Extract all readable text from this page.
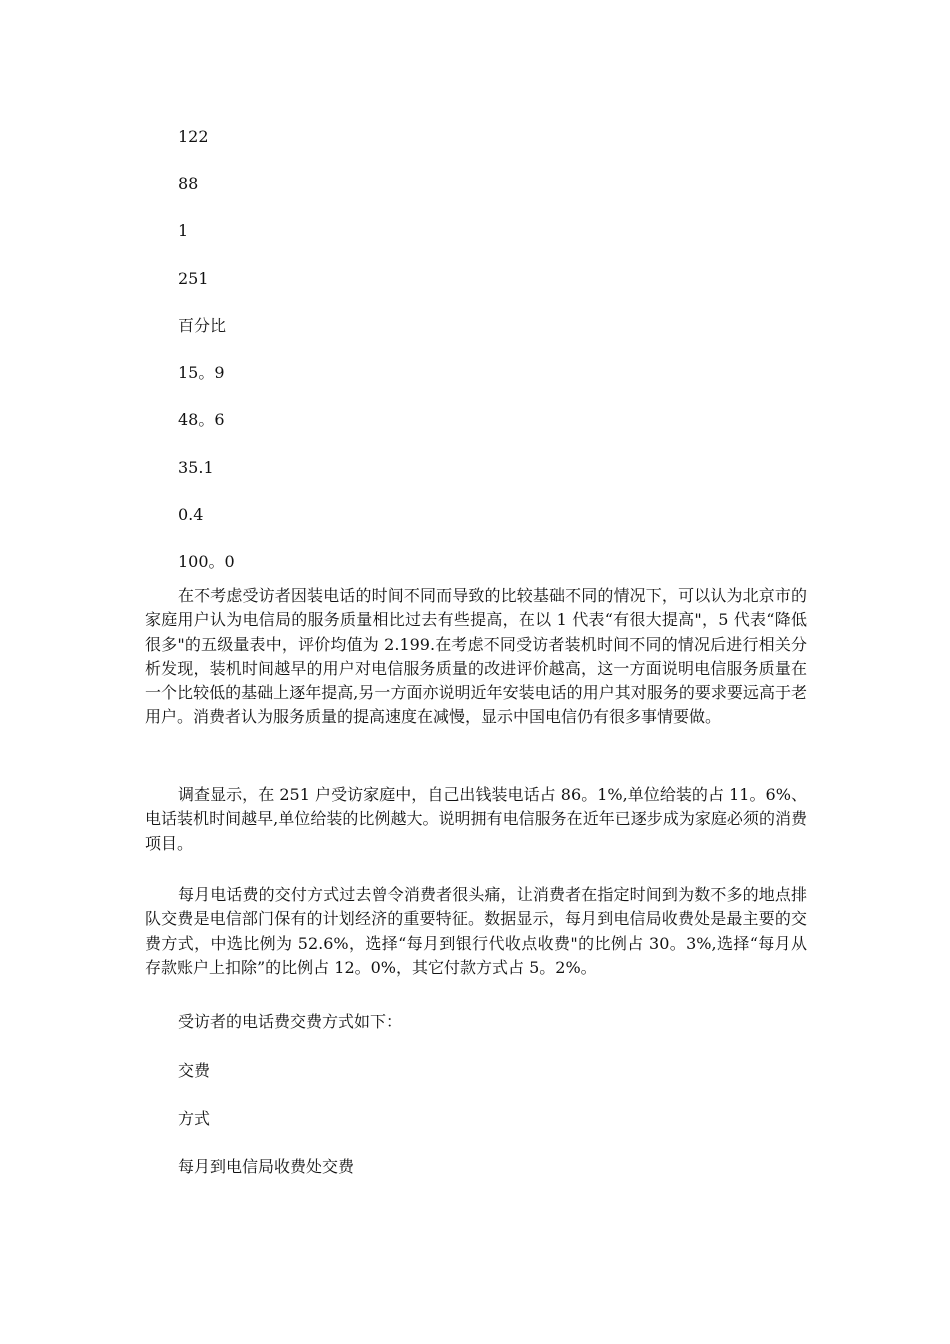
122
88
1
251
百分比
15。9
48。6
35.1
0.4
100。0

在不考虑受访者因装电话的时间不同而导致的比较基础不同的情况下，可以认为北京市的家庭用户认为电信局的服务质量相比过去有些提高，在以 1 代表“有很大提高"，5 代表“降低很多"的五级量表中，评价均值为 2.199.在考虑不同受访者装机时间不同的情况后进行相关分析发现，装机时间越早的用户对电信服务质量的改进评价越高，这一方面说明电信服务质量在一个比较低的基础上逐年提高,另一方面亦说明近年安装电话的用户其对服务的要求要远高于老用户。消费者认为服务质量的提高速度在减慢，显示中国电信仍有很多事情要做。

调查显示，在 251 户受访家庭中，自己出钱装电话占 86。1%,单位给装的占 11。6%、电话装机时间越早,单位给装的比例越大。说明拥有电信服务在近年已逐步成为家庭必须的消费项目。

每月电话费的交付方式过去曾令消费者很头痛，让消费者在指定时间到为数不多的地点排队交费是电信部门保有的计划经济的重要特征。数据显示，每月到电信局收费处是最主要的交费方式，中选比例为 52.6%，选择“每月到银行代收点收费"的比例占 30。3%,选择“每月从存款账户上扣除”的比例占 12。0%，其它付款方式占 5。2%。

受访者的电话费交费方式如下：
交费
方式
每月到电信局收费处交费
